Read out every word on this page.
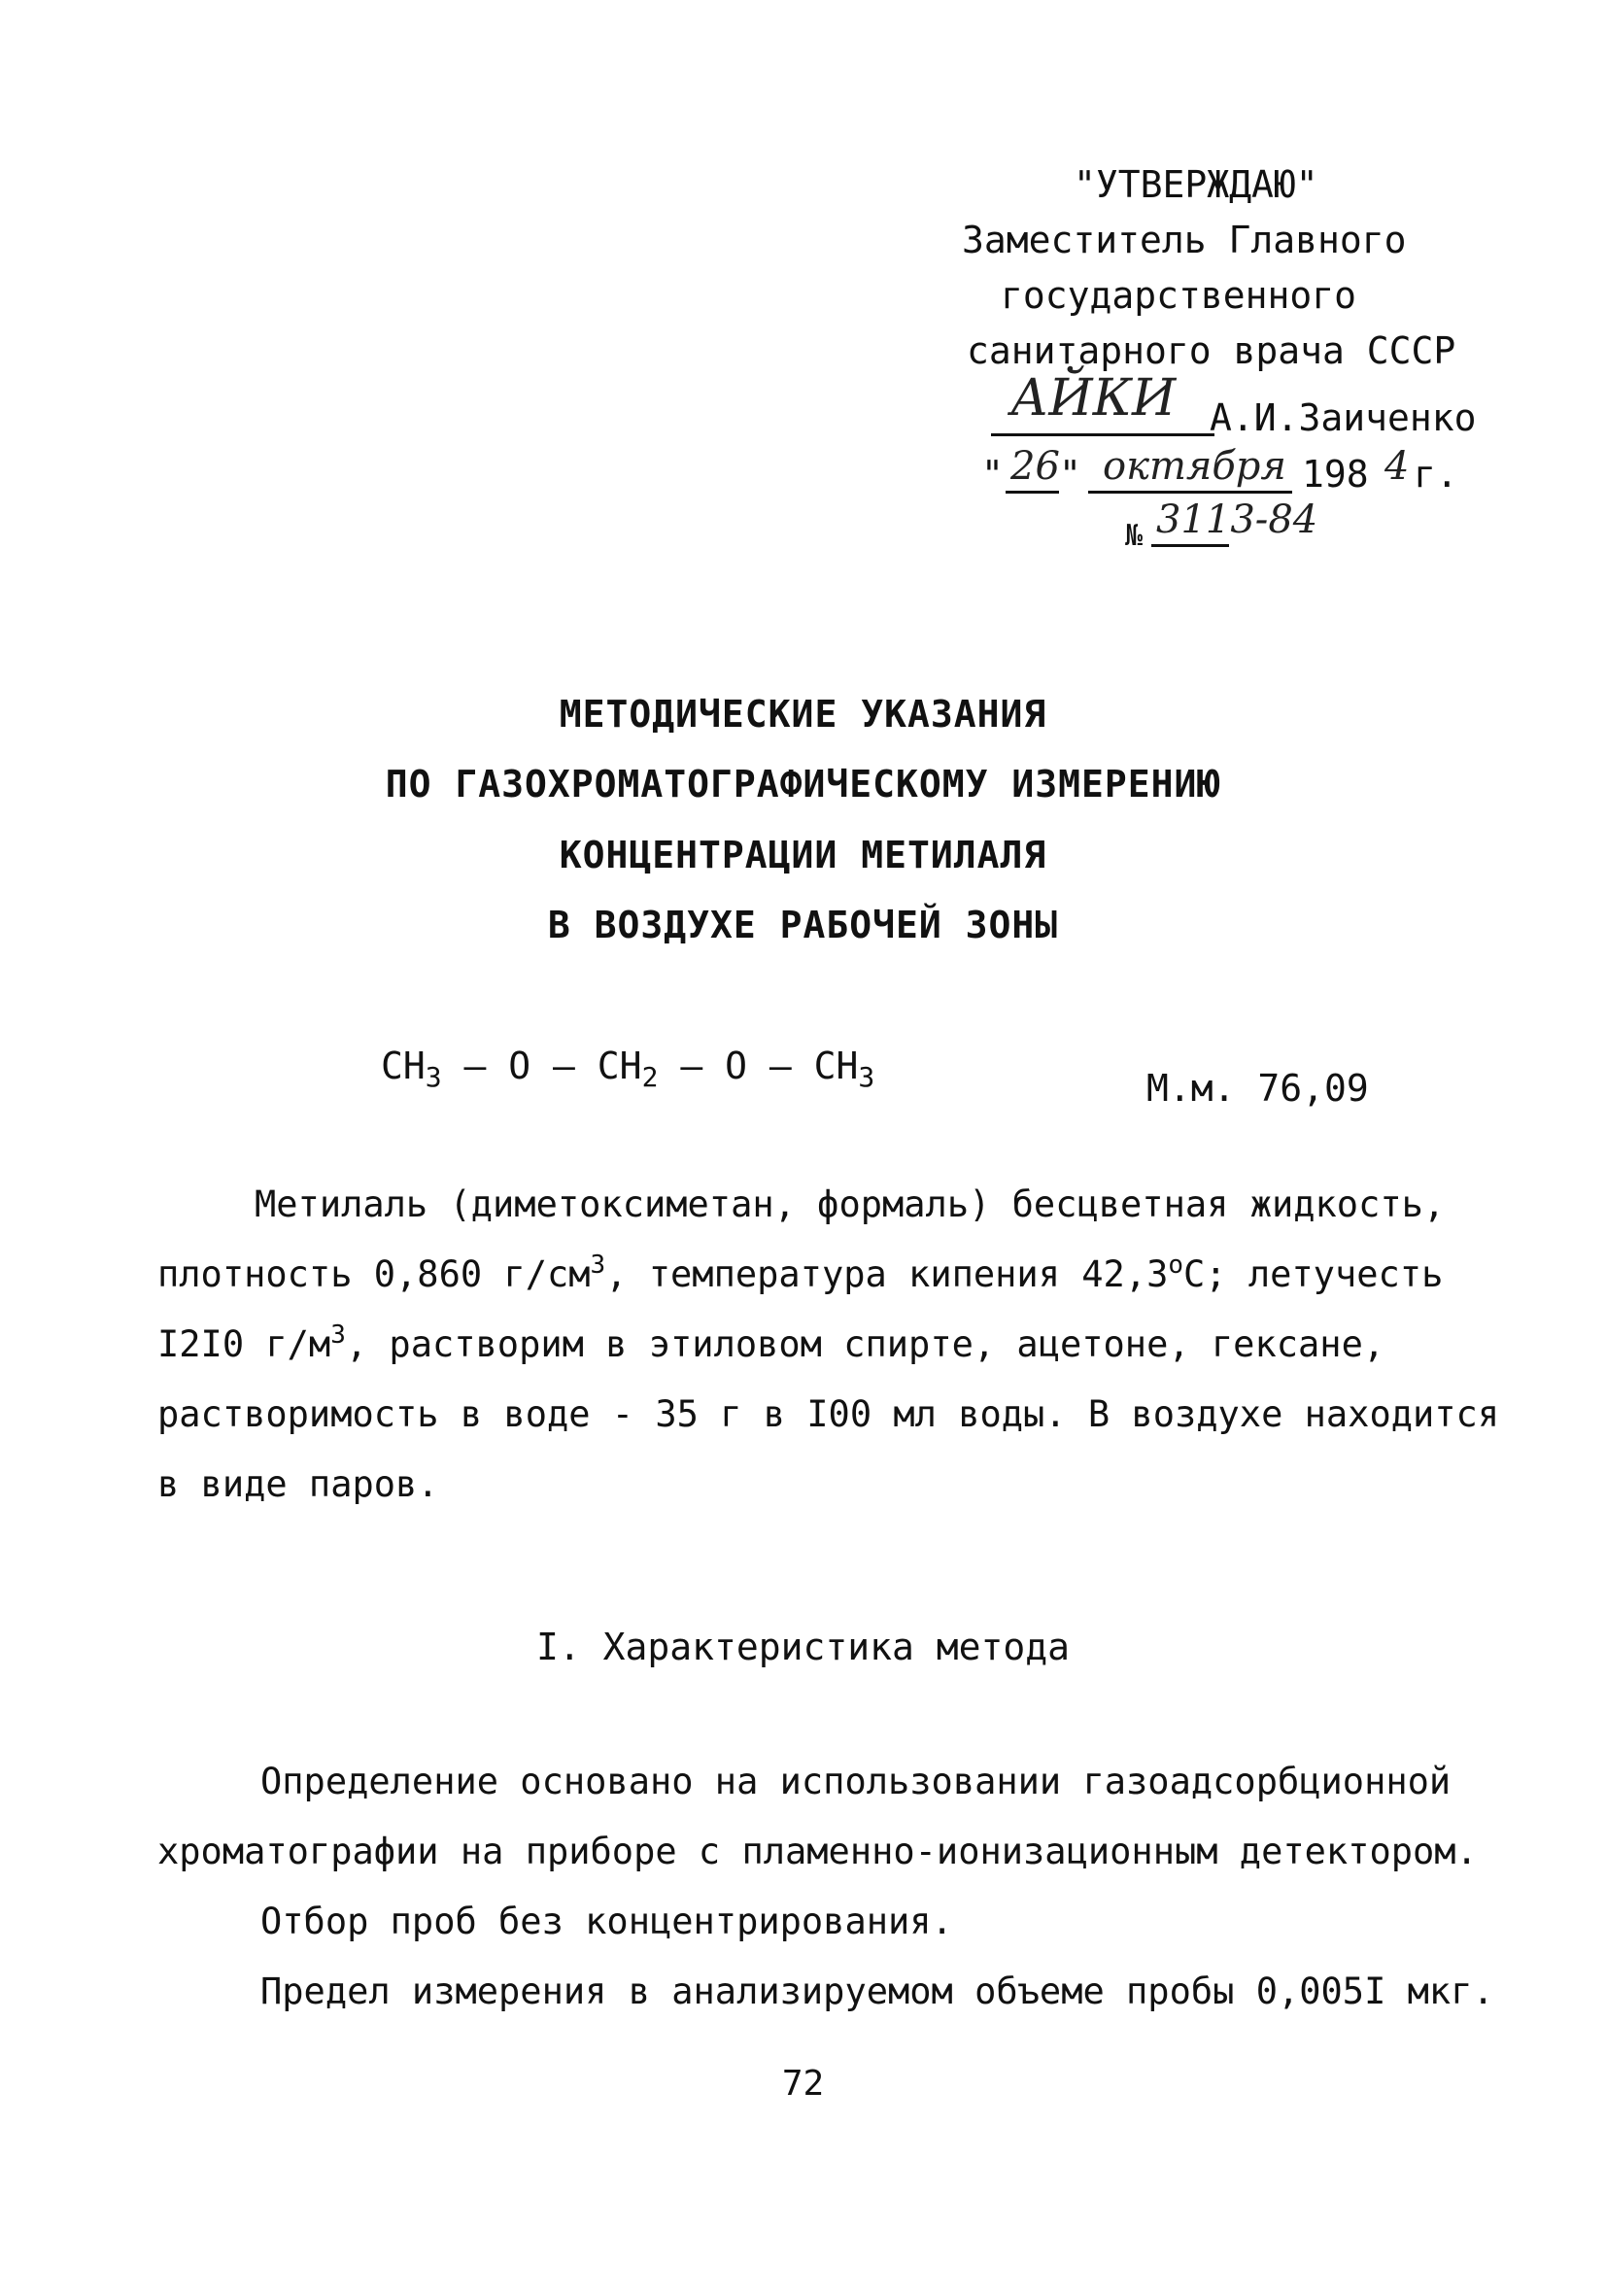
"УТВЕРЖДАЮ"
Заместитель Главного
государственного
санитарного врача СССР
АЙКИ А.И.Заиченко
" 26 " октября 198 4 г.
№ 3113-84
МЕТОДИЧЕСКИЕ УКАЗАНИЯ
ПО ГАЗОХРОМАТОГРАФИЧЕСКОМУ ИЗМЕРЕНИЮ
КОНЦЕНТРАЦИИ МЕТИЛАЛЯ
В ВОЗДУХЕ РАБОЧЕЙ ЗОНЫ
$CH_3$ — O — $CH_2$ — O — $CH_3$	М.м. 76,09
Метилаль (диметоксиметан, формаль) бесцветная жидкость,
плотность 0,860 $г/см^3$, температура кипения $42,3^оС$; летучесть
I2I0 $г/м^3$, растворим в этиловом спирте, ацетоне, гексане,
растворимость в воде - 35 г в I00 мл воды. В воздухе находится
в виде паров.
I. Характеристика метода
Определение основано на использовании газоадсорбционной
хроматографии на приборе с пламенно-ионизационным детектором.
Отбор проб без концентрирования.
Предел измерения в анализируемом объеме пробы 0,005I мкг.
72
